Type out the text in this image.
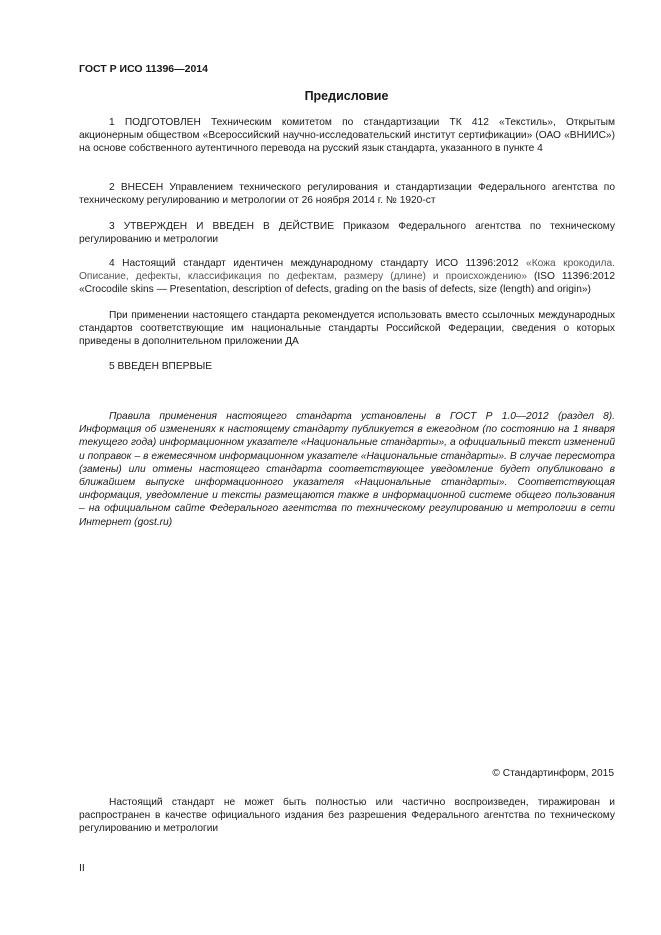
ГОСТ Р ИСО 11396—2014
Предисловие

1 ПОДГОТОВЛЕН Техническим комитетом по стандартизации ТК 412 «Текстиль», Открытым акционерным обществом «Всероссийский научно-исследовательский институт сертификации» (ОАО «ВНИИС») на основе собственного аутентичного перевода на русский язык стандарта, указанного в пункте 4

2 ВНЕСЕН Управлением технического регулирования и стандартизации Федерального агентства по техническому регулированию и метрологии от 26 ноября 2014 г. № 1920-ст

3 УТВЕРЖДЕН И ВВЕДЕН В ДЕЙСТВИЕ Приказом Федерального агентства по техническому регулированию и метрологии

4 Настоящий стандарт идентичен международному стандарту ИСО 11396:2012 «Кожа крокодила. Описание, дефекты, классификация по дефектам, размеру (длине) и происхождению» (ISO 11396:2012 «Crocodile skins — Presentation, description of defects, grading on the basis of defects, size (length) and origin»)

При применении настоящего стандарта рекомендуется использовать вместо ссылочных международных стандартов соответствующие им национальные стандарты Российской Федерации, сведения о которых приведены в дополнительном приложении ДА

5 ВВЕДЕН ВПЕРВЫЕ

Правила применения настоящего стандарта установлены в ГОСТ Р 1.0—2012 (раздел 8). Информация об изменениях к настоящему стандарту публикуется в ежегодном (по состоянию на 1 января текущего года) информационном указателе «Национальные стандарты», а официальный текст изменений и поправок – в ежемесячном информационном указателе «Национальные стандарты». В случае пересмотра (замены) или отмены настоящего стандарта соответствующее уведомление будет опубликовано в ближайшем выпуске информационного указателя «Национальные стандарты». Соответствующая информация, уведомление и тексты размещаются также в информационной системе общего пользования – на официальном сайте Федерального агентства по техническому регулированию и метрологии в сети Интернет (gost.ru)

© Стандартинформ, 2015

Настоящий стандарт не может быть полностью или частично воспроизведен, тиражирован и распространен в качестве официального издания без разрешения Федерального агентства по техническому регулированию и метрологии

II
